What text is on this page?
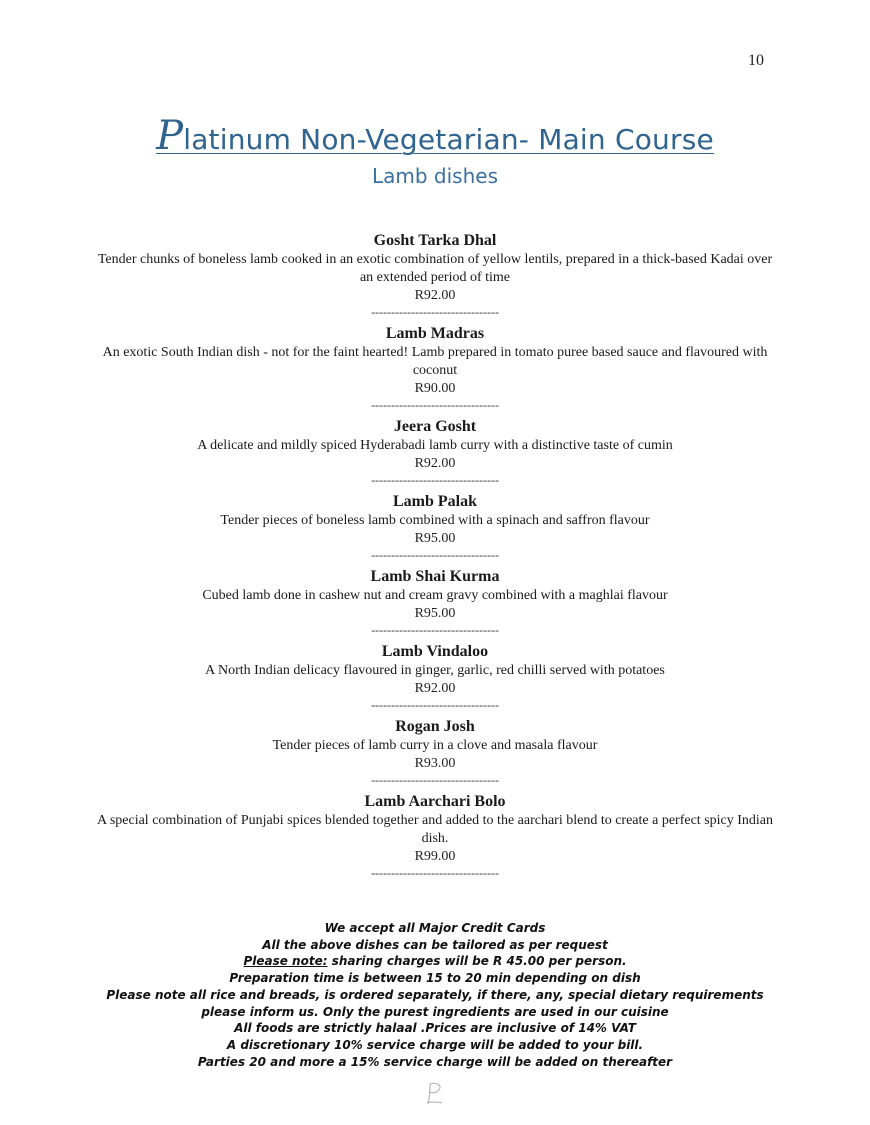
10
Platinum Non-Vegetarian- Main Course
Lamb dishes

Gosht Tarka Dhal

Tender chunks of boneless lamb cooked in an exotic combination of yellow lentils, prepared in a thick-based Kadai over an extended period of time

R92.00

--------------------------------

Lamb Madras

An exotic South Indian dish - not for the faint hearted! Lamb prepared in tomato puree based sauce and flavoured with coconut

R90.00

--------------------------------

Jeera Gosht

A delicate and mildly spiced Hyderabadi lamb curry with a distinctive taste of cumin

R92.00

--------------------------------

Lamb Palak

Tender pieces of boneless lamb combined with a spinach and saffron flavour

R95.00

--------------------------------

Lamb Shai Kurma

Cubed lamb done in cashew nut and cream gravy combined with a maghlai flavour

R95.00

--------------------------------

Lamb Vindaloo

A North Indian delicacy flavoured in ginger, garlic, red chilli served with potatoes

R92.00

--------------------------------

Rogan Josh

Tender pieces of lamb curry in a clove and masala flavour

R93.00

--------------------------------

Lamb Aarchari Bolo

A special combination of Punjabi spices blended together and added to the aarchari blend to create a perfect spicy Indian dish.

R99.00

--------------------------------

We accept all Major Credit Cards

All the above dishes can be tailored as per request

Please note: sharing charges will be R 45.00 per person.

Preparation time is between 15 to 20 min depending on dish

Please note all rice and breads, is ordered separately, if there, any, special dietary requirements

please inform us. Only the purest ingredients are used in our cuisine

All foods are strictly halaal .Prices are inclusive of 14% VAT

A discretionary 10% service charge will be added to your bill.

Parties 20 and more a 15% service charge will be added on thereafter
